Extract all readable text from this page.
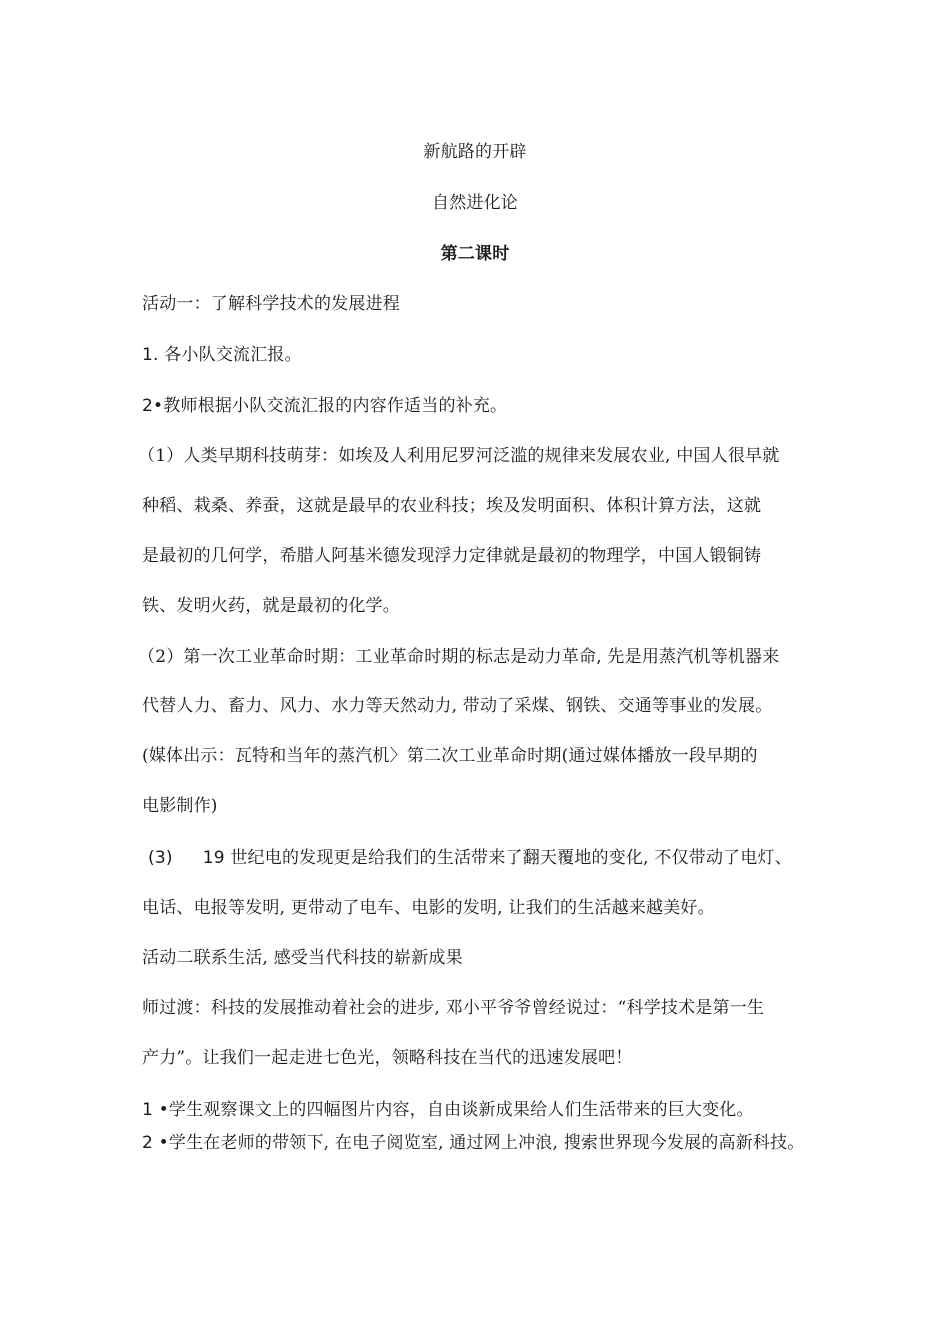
新航路的开辟
自然进化论
第二课时
活动一：了解科学技术的发展进程
1. 各小队交流汇报。
2•教师根据小队交流汇报的内容作适当的补充。
（1）人类早期科技萌芽：如埃及人利用尼罗河泛滥的规律来发展农业, 中国人很早就
种稻、栽桑、养蚕，这就是最早的农业科技；埃及发明面积、体积计算方法，这就
是最初的几何学，希腊人阿基米德发现浮力定律就是最初的物理学，中国人锻铜铸
铁、发明火药，就是最初的化学。
（2）第一次工业革命时期：工业革命时期的标志是动力革命, 先是用蒸汽机等机器来
代替人力、畜力、风力、水力等天然动力, 带动了采煤、钢铁、交通等事业的发展。
(媒体出示：瓦特和当年的蒸汽机〉第二次工业革命时期(通过媒体播放一段早期的
电影制作)
(3) 19 世纪电的发现更是给我们的生活带来了翻天覆地的变化, 不仅带动了电灯、
电话、电报等发明, 更带动了电车、电影的发明, 让我们的生活越来越美好。
活动二联系生活, 感受当代科技的崭新成果
师过渡：科技的发展推动着社会的进步, 邓小平爷爷曾经说过：“科学技术是第一生
产力”。让我们一起走进七色光，领略科技在当代的迅速发展吧！
1 •学生观察课文上的四幅图片内容，自由谈新成果给人们生活带来的巨大变化。
2 •学生在老师的带领下, 在电子阅览室, 通过网上冲浪, 搜索世界现今发展的高新科技。
